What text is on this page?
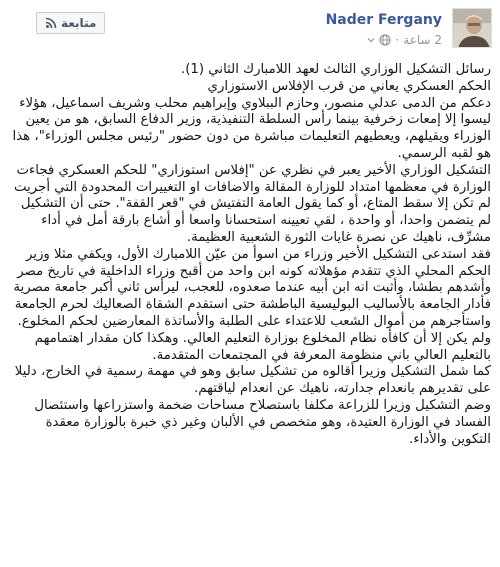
متابعة	Nader Fergany
2 ساعة
·

رسائل التشكيل الوزاري الثالث لعهد اللامبارك الثاني (1).

الحكم العسكري يعاني من قرب الإفلاس الاستوزاري

دعكم من الدمى عدلي منصور، وحازم الببلاوي وإبراهيم محلب وشريف اسماعيل، هؤلاء ليسوا إلا إمعات زخرفية بينما رأس السلطة التنفيذية، وزير الدفاع السابق، هو من يعين الوزراء ويقيلهم، ويعطيهم التعليمات مباشرة من دون حضور "رئيس مجلس الوزراء"، هذا هو لقبه الرسمي.

التشكيل الوزاري الأخير يعبر في نظري عن "إفلاس استوزاري" للحكم العسكري فجاءت الوزارة في معظمها امتداد للوزارة المقالة والاضافات او التغييرات المحدودة التي أجريت لم تكن إلا سقط المتاع، أو كما يقول العامة التفتيش في "قعر القفة". حتى أن التشكيل لم يتضمن واحدا، أو واحدة ، لقي تعيينه استحسانا واسعا أو أشاع بارقة أمل في أداء مشرِّف، ناهيك عن نصرة غايات الثورة الشعبية العظيمة.

فقد استدعى التشكيل الأخير وزراء من اسوأ من عيّن اللامبارك الأول، ويكفي مثلا وزير الحكم المحلي الذي تتقدم مؤهلاته كونه ابن واحد من أقبح وزراء الداخلية في تاريخ مصر وأشدهم بطشا، وأثبت انه ابن أبيه عندما صعدوه، للعجب، ليرأس ثاني أكبر جامعة مصرية فأدار الجامعة بالأساليب البوليسية الباطشة حتى استقدم الشقاة الصعاليك لحرم الجامعة واستأجرهم من أموال الشعب للاعتداء على الطلبة والأساتذة المعارضين لحكم المخلوع. ولم يكن إلا أن كافأه نظام المخلوع بوزارة التعليم العالي. وهكذا كان مقدار اهتمامهم بالتعليم العالي باني منظومة المعرفة في المجتمعات المتقدمة.

كما شمل التشكيل وزيرا أقالوه من تشكيل سابق وهو في مهمة رسمية في الخارج، دليلا على تقديرهم بانعدام جدارته، ناهيك عن انعدام لياقتهم.

وضم التشكيل وزيرا للزراعة مكلفا باستصلاح مساحات ضخمة واستزراعها واستئصال الفساد في الوزارة العتيدة، وهو متخصص في الألبان وغير ذي خبرة بالوزارة معقدة التكوين والأداء.
